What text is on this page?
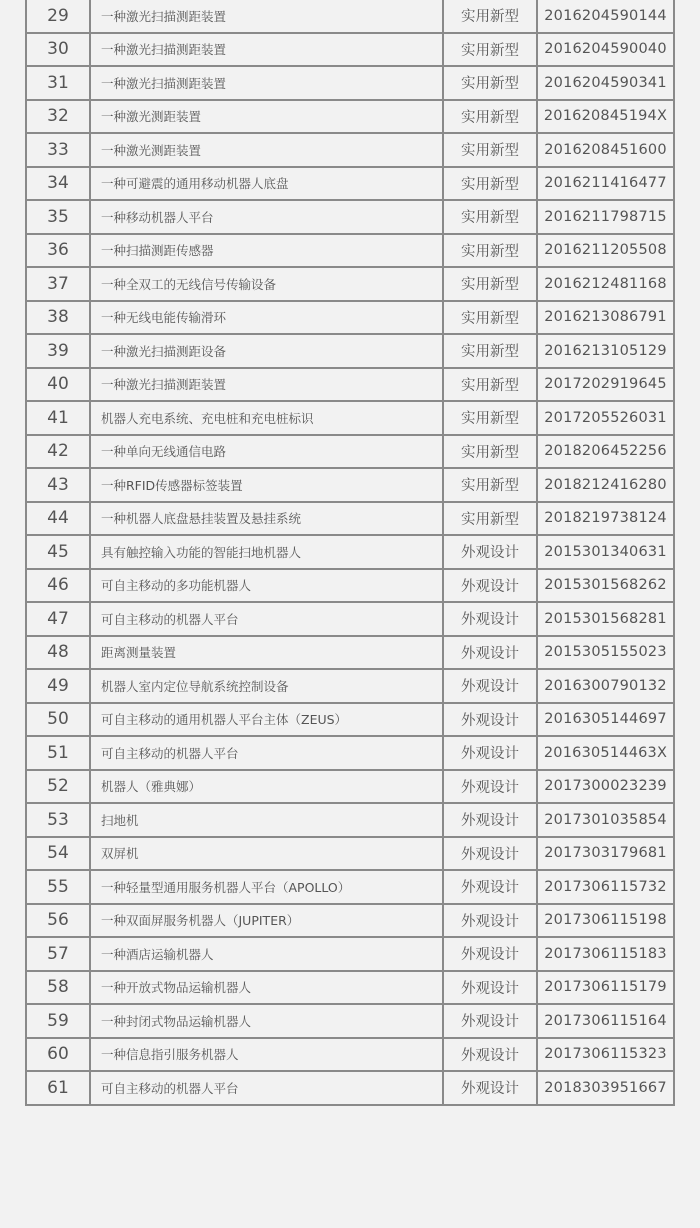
29	一种激光扫描测距装置	实用新型	2016204590144
30	一种激光扫描测距装置	实用新型	2016204590040
31	一种激光扫描测距装置	实用新型	2016204590341
32	一种激光测距装置	实用新型	201620845194X
33	一种激光测距装置	实用新型	2016208451600
34	一种可避震的通用移动机器人底盘	实用新型	2016211416477
35	一种移动机器人平台	实用新型	2016211798715
36	一种扫描测距传感器	实用新型	2016211205508
37	一种全双工的无线信号传输设备	实用新型	2016212481168
38	一种无线电能传输滑环	实用新型	2016213086791
39	一种激光扫描测距设备	实用新型	2016213105129
40	一种激光扫描测距装置	实用新型	2017202919645
41	机器人充电系统、充电桩和充电桩标识	实用新型	2017205526031
42	一种单向无线通信电路	实用新型	2018206452256
43	一种RFID传感器标签装置	实用新型	2018212416280
44	一种机器人底盘悬挂装置及悬挂系统	实用新型	2018219738124
45	具有触控输入功能的智能扫地机器人	外观设计	2015301340631
46	可自主移动的多功能机器人	外观设计	2015301568262
47	可自主移动的机器人平台	外观设计	2015301568281
48	距离测量装置	外观设计	2015305155023
49	机器人室内定位导航系统控制设备	外观设计	2016300790132
50	可自主移动的通用机器人平台主体（ZEUS）	外观设计	2016305144697
51	可自主移动的机器人平台	外观设计	201630514463X
52	机器人（雅典娜）	外观设计	2017300023239
53	扫地机	外观设计	2017301035854
54	双屏机	外观设计	2017303179681
55	一种轻量型通用服务机器人平台（APOLLO）	外观设计	2017306115732
56	一种双面屏服务机器人（JUPITER）	外观设计	2017306115198
57	一种酒店运输机器人	外观设计	2017306115183
58	一种开放式物品运输机器人	外观设计	2017306115179
59	一种封闭式物品运输机器人	外观设计	2017306115164
60	一种信息指引服务机器人	外观设计	2017306115323
61	可自主移动的机器人平台	外观设计	2018303951667
